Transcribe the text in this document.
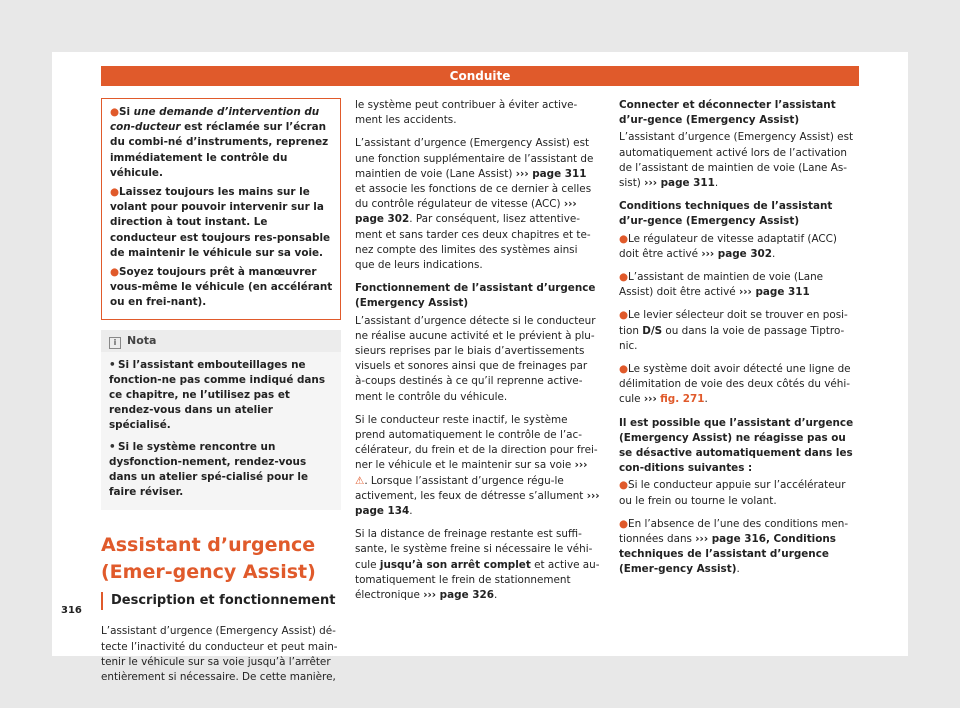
Conduite

●Si une demande d’intervention du con-ducteur est réclamée sur l’écran du combi-né d’instruments, reprenez immédiatement le contrôle du véhicule.

●Laissez toujours les mains sur le volant pour pouvoir intervenir sur la direction à tout instant. Le conducteur est toujours res-ponsable de maintenir le véhicule sur sa voie.

●Soyez toujours prêt à manœuvrer vous-même le véhicule (en accélérant ou en frei-nant).

i Nota

• Si l’assistant embouteillages ne fonction-ne pas comme indiqué dans ce chapitre, ne l’utilisez pas et rendez-vous dans un atelier spécialisé.

• Si le système rencontre un dysfonction-nement, rendez-vous dans un atelier spé-cialisé pour le faire réviser.

Assistant d’urgence (Emer-gency Assist)
Description et fonctionnement

L’assistant d’urgence (Emergency Assist) dé-tecte l’inactivité du conducteur et peut main-tenir le véhicule sur sa voie jusqu’à l’arrêter entièrement si nécessaire. De cette manière,

le système peut contribuer à éviter active-ment les accidents.

L’assistant d’urgence (Emergency Assist) est une fonction supplémentaire de l’assistant de maintien de voie (Lane Assist) ››› page 311 et associe les fonctions de ce dernier à celles du contrôle régulateur de vitesse (ACC) ››› page 302. Par conséquent, lisez attentive-ment et sans tarder ces deux chapitres et te-nez compte des limites des systèmes ainsi que de leurs indications.

Fonctionnement de l’assistant d’urgence (Emergency Assist)

L’assistant d’urgence détecte si le conducteur ne réalise aucune activité et le prévient à plu-sieurs reprises par le biais d’avertissements visuels et sonores ainsi que de freinages par à-coups destinés à ce qu’il reprenne active-ment le contrôle du véhicule.

Si le conducteur reste inactif, le système prend automatiquement le contrôle de l’ac-célérateur, du frein et de la direction pour frei-ner le véhicule et le maintenir sur sa voie ››› ⚠. Lorsque l’assistant d’urgence régu-le activement, les feux de détresse s’allument ››› page 134.

Si la distance de freinage restante est suffi-sante, le système freine si nécessaire le véhi-cule jusqu’à son arrêt complet et active au-tomatiquement le frein de stationnement électronique ››› page 326.

Connecter et déconnecter l’assistant d’ur-gence (Emergency Assist)

L’assistant d’urgence (Emergency Assist) est automatiquement activé lors de l’activation de l’assistant de maintien de voie (Lane As-sist) ››› page 311.

Conditions techniques de l’assistant d’ur-gence (Emergency Assist)

●Le régulateur de vitesse adaptatif (ACC) doit être activé ››› page 302.

●L’assistant de maintien de voie (Lane Assist) doit être activé ››› page 311

●Le levier sélecteur doit se trouver en posi-tion D/S ou dans la voie de passage Tiptro-nic.

●Le système doit avoir détecté une ligne de délimitation de voie des deux côtés du véhi-cule ››› fig. 271.

Il est possible que l’assistant d’urgence (Emergency Assist) ne réagisse pas ou se désactive automatiquement dans les con-ditions suivantes :

●Si le conducteur appuie sur l’accélérateur ou le frein ou tourne le volant.

●En l’absence de l’une des conditions men-tionnées dans ››› page 316, Conditions techniques de l’assistant d’urgence (Emer-gency Assist).

316
